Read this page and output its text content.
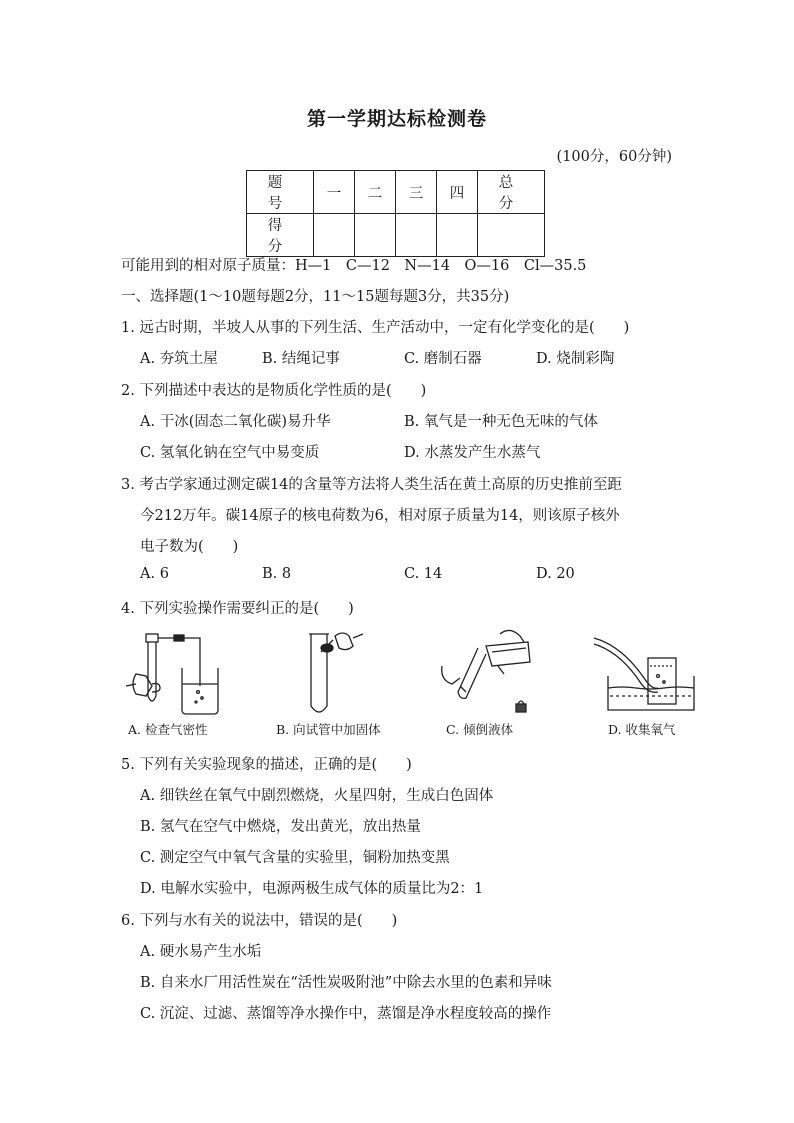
第一学期达标检测卷
(100分，60分钟)
题　号	一	二	三	四	总　分
得　分					
可能用到的相对原子质量：H—1　C—12　N—14　O—16　Cl—35.5
一、选择题(1～10题每题2分，11～15题每题3分，共35分)
1. 远古时期，半坡人从事的下列生活、生产活动中，一定有化学变化的是(　　)
A. 夯筑土屋	B. 结绳记事	C. 磨制石器	D. 烧制彩陶
2. 下列描述中表达的是物质化学性质的是(　　)
A. 干冰(固态二氧化碳)易升华	B. 氧气是一种无色无味的气体
C. 氢氧化钠在空气中易变质	D. 水蒸发产生水蒸气
3. 考古学家通过测定碳14的含量等方法将人类生活在黄土高原的历史推前至距
今212万年。碳14原子的核电荷数为6，相对原子质量为14，则该原子核外
电子数为(　　)
A. 6	B. 8	C. 14	D. 20
4. 下列实验操作需要纠正的是(　　)
A. 检查气密性	B. 向试管中加固体	C. 倾倒液体	D. 收集氧气
5. 下列有关实验现象的描述，正确的是(　　)
A. 细铁丝在氧气中剧烈燃烧，火星四射，生成白色固体
B. 氢气在空气中燃烧，发出黄光，放出热量
C. 测定空气中氧气含量的实验里，铜粉加热变黑
D. 电解水实验中，电源两极生成气体的质量比为2：1
6. 下列与水有关的说法中，错误的是(　　)
A. 硬水易产生水垢
B. 自来水厂用活性炭在“活性炭吸附池”中除去水里的色素和异味
C. 沉淀、过滤、蒸馏等净水操作中，蒸馏是净水程度较高的操作
